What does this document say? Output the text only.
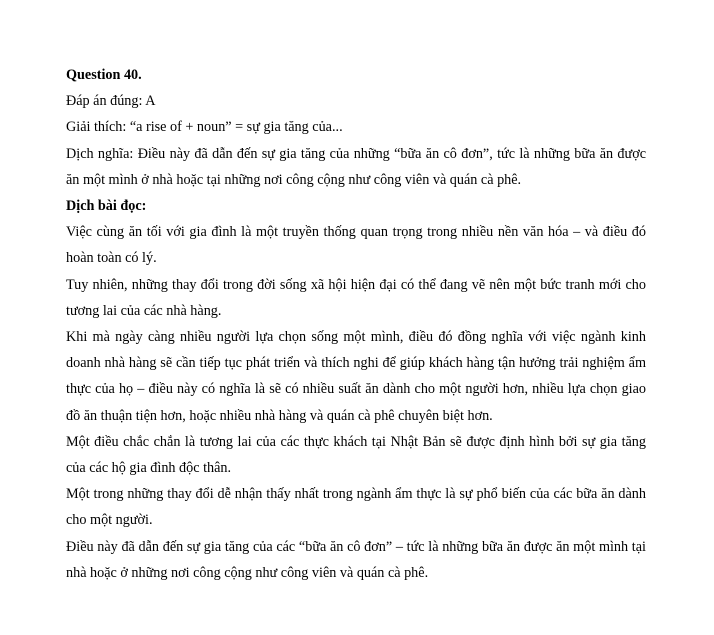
Question 40.

Đáp án đúng: A

Giải thích: “a rise of + noun” = sự gia tăng của...

Dịch nghĩa: Điều này đã dẫn đến sự gia tăng của những “bữa ăn cô đơn”, tức là những bữa ăn được ăn một mình ở nhà hoặc tại những nơi công cộng như công viên và quán cà phê.

Dịch bài đọc:

Việc cùng ăn tối với gia đình là một truyền thống quan trọng trong nhiều nền văn hóa – và điều đó hoàn toàn có lý.

Tuy nhiên, những thay đổi trong đời sống xã hội hiện đại có thể đang vẽ nên một bức tranh mới cho tương lai của các nhà hàng.

Khi mà ngày càng nhiều người lựa chọn sống một mình, điều đó đồng nghĩa với việc ngành kinh doanh nhà hàng sẽ cần tiếp tục phát triển và thích nghi để giúp khách hàng tận hưởng trải nghiệm ẩm thực của họ – điều này có nghĩa là sẽ có nhiều suất ăn dành cho một người hơn, nhiều lựa chọn giao đồ ăn thuận tiện hơn, hoặc nhiều nhà hàng và quán cà phê chuyên biệt hơn.

Một điều chắc chắn là tương lai của các thực khách tại Nhật Bản sẽ được định hình bởi sự gia tăng của các hộ gia đình độc thân.

Một trong những thay đổi dễ nhận thấy nhất trong ngành ẩm thực là sự phổ biến của các bữa ăn dành cho một người.

Điều này đã dẫn đến sự gia tăng của các “bữa ăn cô đơn” – tức là những bữa ăn được ăn một mình tại nhà hoặc ở những nơi công cộng như công viên và quán cà phê.
